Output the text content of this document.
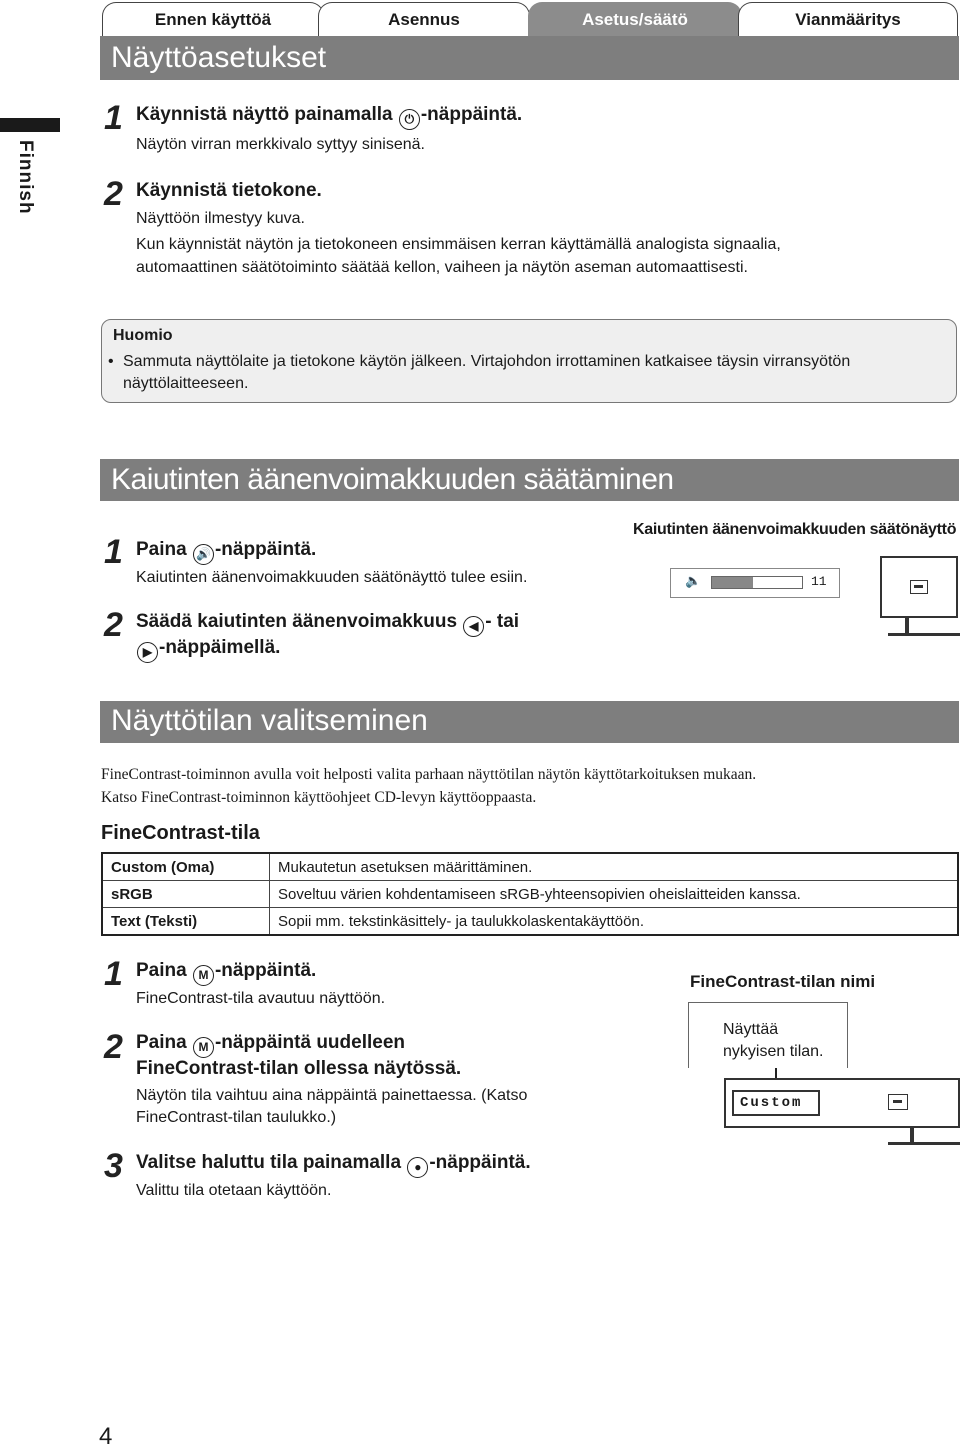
Ennen käyttöä	Asennus	Asetus/säätö	Vianmääritys
Näyttöasetukset
Finnish
1 Käynnistä näyttö painamalla ⏻ -näppäintä.
Näytön virran merkkivalo syttyy sinisenä.
2 Käynnistä tietokone.
Näyttöön ilmestyy kuva.
Kun käynnistät näytön ja tietokoneen ensimmäisen kerran käyttämällä analogista signaalia,
automaattinen säätötoiminto säätää kellon, vaiheen ja näytön aseman automaattisesti.
Huomio
• Sammuta näyttölaite ja tietokone käytön jälkeen. Virtajohdon irrottaminen katkaisee täysin virransyötön
näyttölaitteeseen.
Kaiutinten äänenvoimakkuuden säätäminen
1 Paina 🔊 -näppäintä.
Kaiutinten äänenvoimakkuuden säätönäyttö tulee esiin.
2 Säädä kaiutinten äänenvoimakkuus ◀ - tai
▶ -näppäimellä.
Kaiutinten äänenvoimakkuuden säätönäyttö
🔈	11
Näyttötilan valitseminen
FineContrast-toiminnon avulla voit helposti valita parhaan näyttötilan näytön käyttötarkoituksen mukaan.
Katso FineContrast-toiminnon käyttöohjeet CD-levyn käyttöoppaasta.
FineContrast-tila
Custom (Oma)	Mukautetun asetuksen määrittäminen.
sRGB	Soveltuu värien kohdentamiseen sRGB-yhteensopivien oheislaitteiden kanssa.
Text (Teksti)	Sopii mm. tekstinkäsittely- ja taulukkolaskentakäyttöön.
1 Paina M -näppäintä.
FineContrast-tila avautuu näyttöön.
2 Paina M -näppäintä uudelleen
FineContrast-tilan ollessa näytössä.
Näytön tila vaihtuu aina näppäintä painettaessa. (Katso
FineContrast-tilan taulukko.)
3 Valitse haluttu tila painamalla ● -näppäintä.
Valittu tila otetaan käyttöön.
FineContrast-tilan nimi
Näyttää
nykyisen tilan.
Custom
4
